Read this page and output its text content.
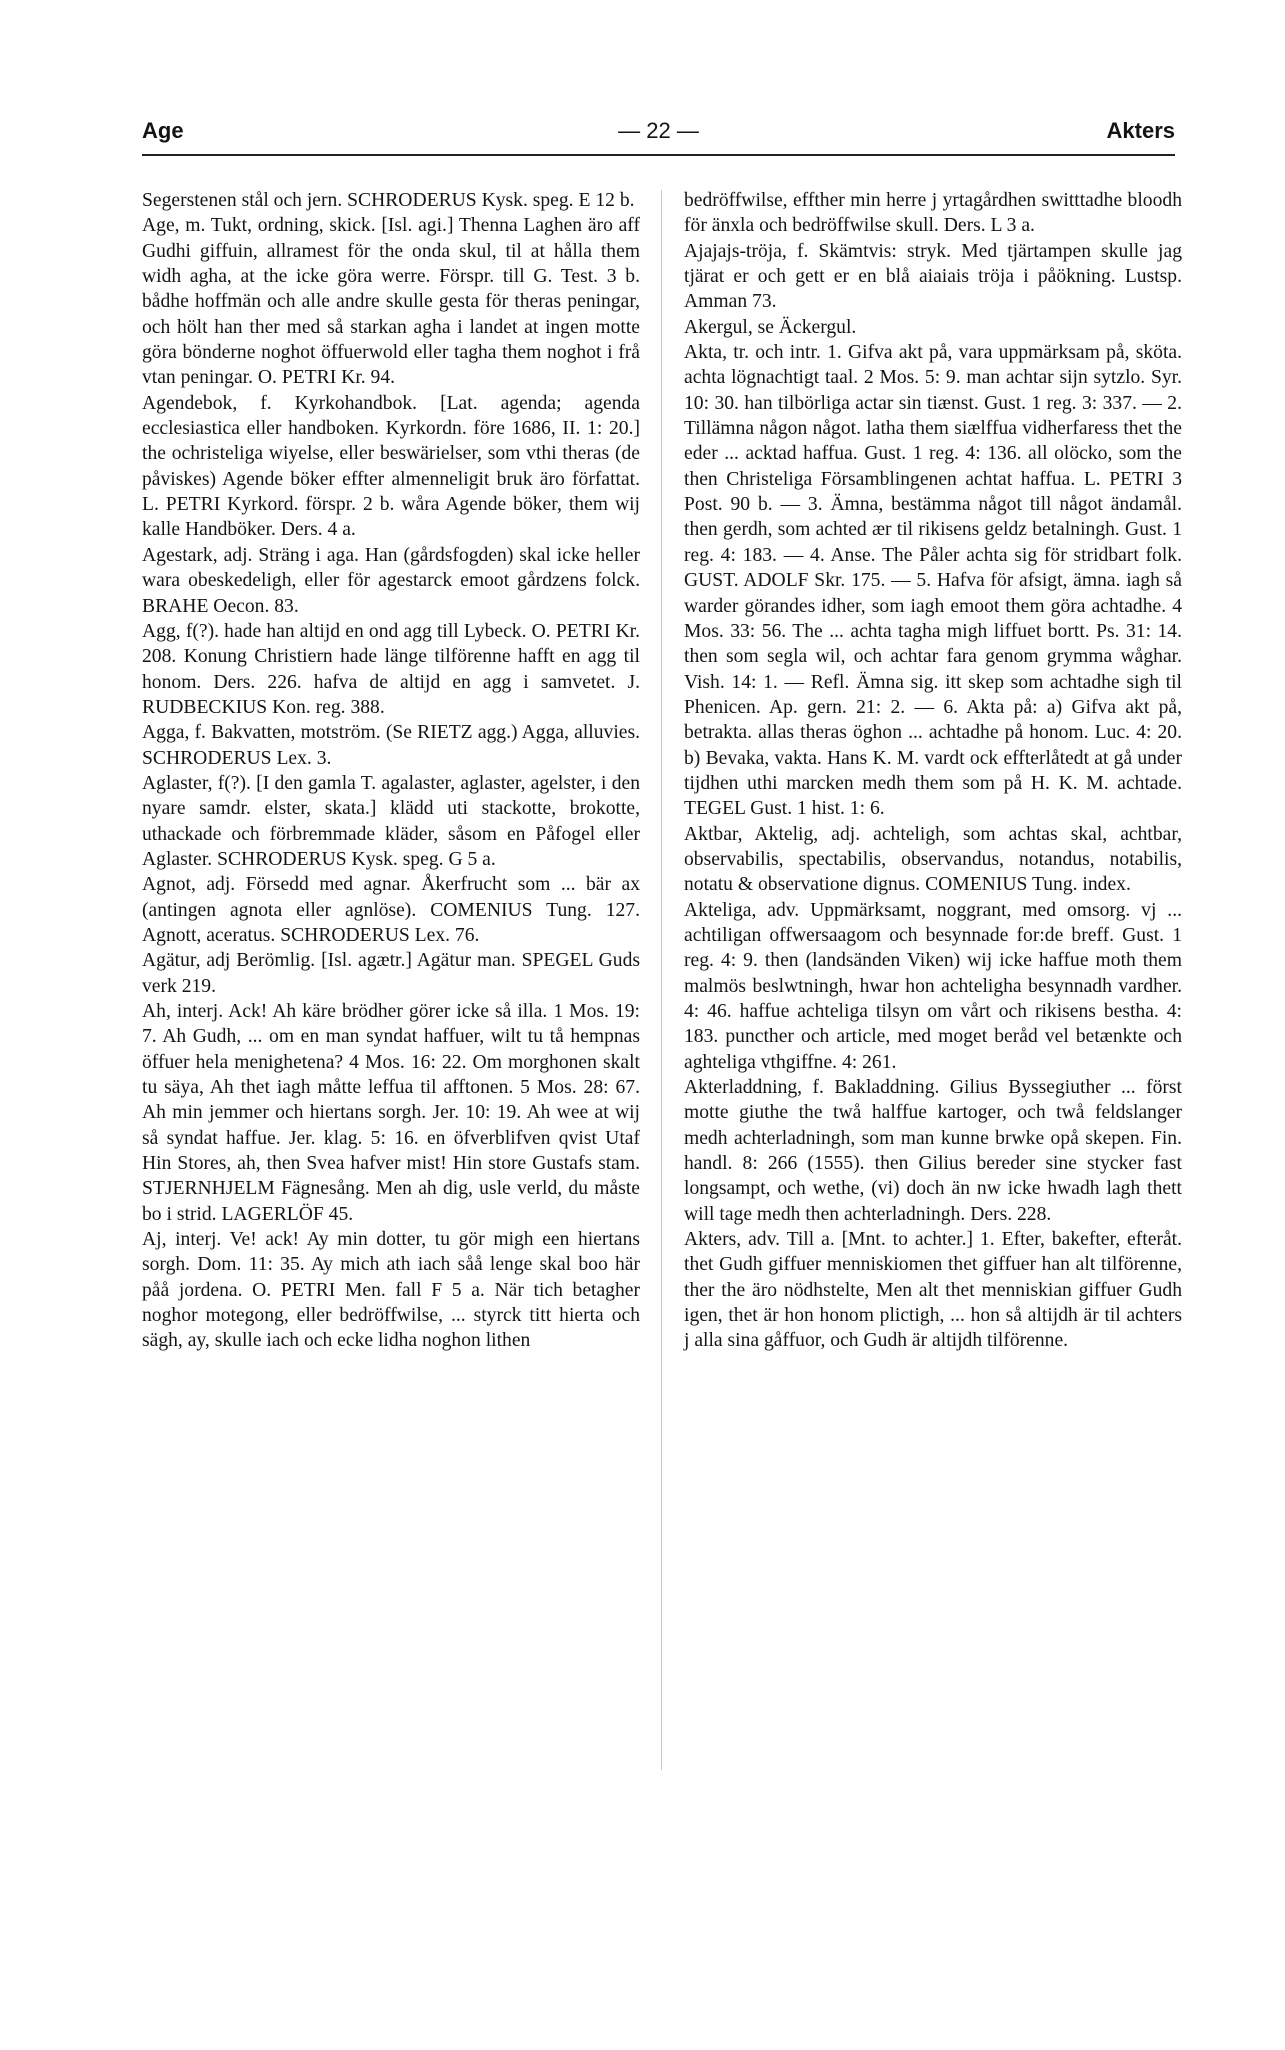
Age	— 22 —	Akters

Segerstenen stål och jern. SCHRODERUS Kysk. speg. E 12 b.

Age, m. Tukt, ordning, skick. [Isl. agi.] Thenna Laghen äro aff Gudhi giffuin, allramest för the onda skul, til at hålla them widh agha, at the icke göra werre. Förspr. till G. Test. 3 b. bådhe hoffmän och alle andre skulle gesta för theras peningar, och hölt han ther med så starkan agha i landet at ingen motte göra bönderne noghot öffuerwold eller tagha them noghot i frå vtan peningar. O. PETRI Kr. 94.

Agendebok, f. Kyrkohandbok. [Lat. agenda; agenda ecclesiastica eller handboken. Kyrkordn. före 1686, II. 1: 20.] the ochristeliga wiyelse, eller beswärielser, som vthi theras (de påviskes) Agende böker effter almenneligit bruk äro författat. L. PETRI Kyrkord. förspr. 2 b. wåra Agende böker, them wij kalle Handböker. Ders. 4 a.

Agestark, adj. Sträng i aga. Han (gårdsfogden) skal icke heller wara obeskedeligh, eller för agestarck emoot gårdzens folck. BRAHE Oecon. 83.

Agg, f(?). hade han altijd en ond agg till Lybeck. O. PETRI Kr. 208. Konung Christiern hade länge tilförenne hafft en agg til honom. Ders. 226. hafva de altijd en agg i samvetet. J. RUDBECKIUS Kon. reg. 388.

Agga, f. Bakvatten, motström. (Se RIETZ agg.) Agga, alluvies. SCHRODERUS Lex. 3.

Aglaster, f(?). [I den gamla T. agalaster, aglaster, agelster, i den nyare samdr. elster, skata.] klädd uti stackotte, brokotte, uthackade och förbremmade kläder, såsom en Påfogel eller Aglaster. SCHRODERUS Kysk. speg. G 5 a.

Agnot, adj. Försedd med agnar. Åkerfrucht som ... bär ax (antingen agnota eller agnlöse). COMENIUS Tung. 127. Agnott, aceratus. SCHRODERUS Lex. 76.

Agätur, adj Berömlig. [Isl. agætr.] Agätur man. SPEGEL Guds verk 219.

Ah, interj. Ack! Ah käre brödher görer icke så illa. 1 Mos. 19: 7. Ah Gudh, ... om en man syndat haffuer, wilt tu tå hempnas öffuer hela menighetena? 4 Mos. 16: 22. Om morghonen skalt tu säya, Ah thet iagh måtte leffua til afftonen. 5 Mos. 28: 67. Ah min jemmer och hiertans sorgh. Jer. 10: 19. Ah wee at wij så syndat haffue. Jer. klag. 5: 16. en öfverblifven qvist Utaf Hin Stores, ah, then Svea hafver mist! Hin store Gustafs stam. STJERNHJELM Fägnesång. Men ah dig, usle verld, du måste bo i strid. LAGERLÖF 45.

Aj, interj. Ve! ack! Ay min dotter, tu gör migh een hiertans sorgh. Dom. 11: 35. Ay mich ath iach såå lenge skal boo här påå jordena. O. PETRI Men. fall F 5 a. När tich betagher noghor motegong, eller bedröffwilse, ... styrck titt hierta och sägh, ay, skulle iach och ecke lidha noghon lithen

bedröffwilse, effther min herre j yrtagårdhen switttadhe bloodh för änxla och bedröffwilse skull. Ders. L 3 a.

Ajajajs-tröja, f. Skämtvis: stryk. Med tjärtampen skulle jag tjärat er och gett er en blå aiaiais tröja i påökning. Lustsp. Amman 73.

Akergul, se Äckergul.

Akta, tr. och intr. 1. Gifva akt på, vara uppmärksam på, sköta. achta lögnachtigt taal. 2 Mos. 5: 9. man achtar sijn sytzlo. Syr. 10: 30. han tilbörliga actar sin tiænst. Gust. 1 reg. 3: 337. — 2. Tillämna någon något. latha them siælffua vidherfaress thet the eder ... acktad haffua. Gust. 1 reg. 4: 136. all olöcko, som the then Christeliga Församblingenen achtat haffua. L. PETRI 3 Post. 90 b. — 3. Ämna, bestämma något till något ändamål. then gerdh, som achted ær til rikisens geldz betalningh. Gust. 1 reg. 4: 183. — 4. Anse. The Påler achta sig för stridbart folk. GUST. ADOLF Skr. 175. — 5. Hafva för afsigt, ämna. iagh så warder görandes idher, som iagh emoot them göra achtadhe. 4 Mos. 33: 56. The ... achta tagha migh liffuet bortt. Ps. 31: 14. then som segla wil, och achtar fara genom grymma wåghar. Vish. 14: 1. — Refl. Ämna sig. itt skep som achtadhe sigh til Phenicen. Ap. gern. 21: 2. — 6. Akta på: a) Gifva akt på, betrakta. allas theras öghon ... achtadhe på honom. Luc. 4: 20. b) Bevaka, vakta. Hans K. M. vardt ock effterlåtedt at gå under tijdhen uthi marcken medh them som på H. K. M. achtade. TEGEL Gust. 1 hist. 1: 6.

Aktbar, Aktelig, adj. achteligh, som achtas skal, achtbar, observabilis, spectabilis, observandus, notandus, notabilis, notatu & observatione dignus. COMENIUS Tung. index.

Akteliga, adv. Uppmärksamt, noggrant, med omsorg. vj ... achtiligan offwersaagom och besynnade for:de breff. Gust. 1 reg. 4: 9. then (landsänden Viken) wij icke haffue moth them malmös beslwtningh, hwar hon achteligha besynnadh vardher. 4: 46. haffue achteliga tilsyn om vårt och rikisens bestha. 4: 183. puncther och article, med moget beråd vel betænkte och aghteliga vthgiffne. 4: 261.

Akterladdning, f. Bakladdning. Gilius Byssegiuther ... först motte giuthe the twå halffue kartoger, och twå feldslanger medh achterladningh, som man kunne brwke opå skepen. Fin. handl. 8: 266 (1555). then Gilius bereder sine stycker fast longsampt, och wethe, (vi) doch än nw icke hwadh lagh thett will tage medh then achterladningh. Ders. 228.

Akters, adv. Till a. [Mnt. to achter.] 1. Efter, bakefter, efteråt. thet Gudh giffuer menniskiomen thet giffuer han alt tilförenne, ther the äro nödhstelte, Men alt thet menniskian giffuer Gudh igen, thet är hon honom plictigh, ... hon så altijdh är til achters j alla sina gåffuor, och Gudh är altijdh tilförenne.
